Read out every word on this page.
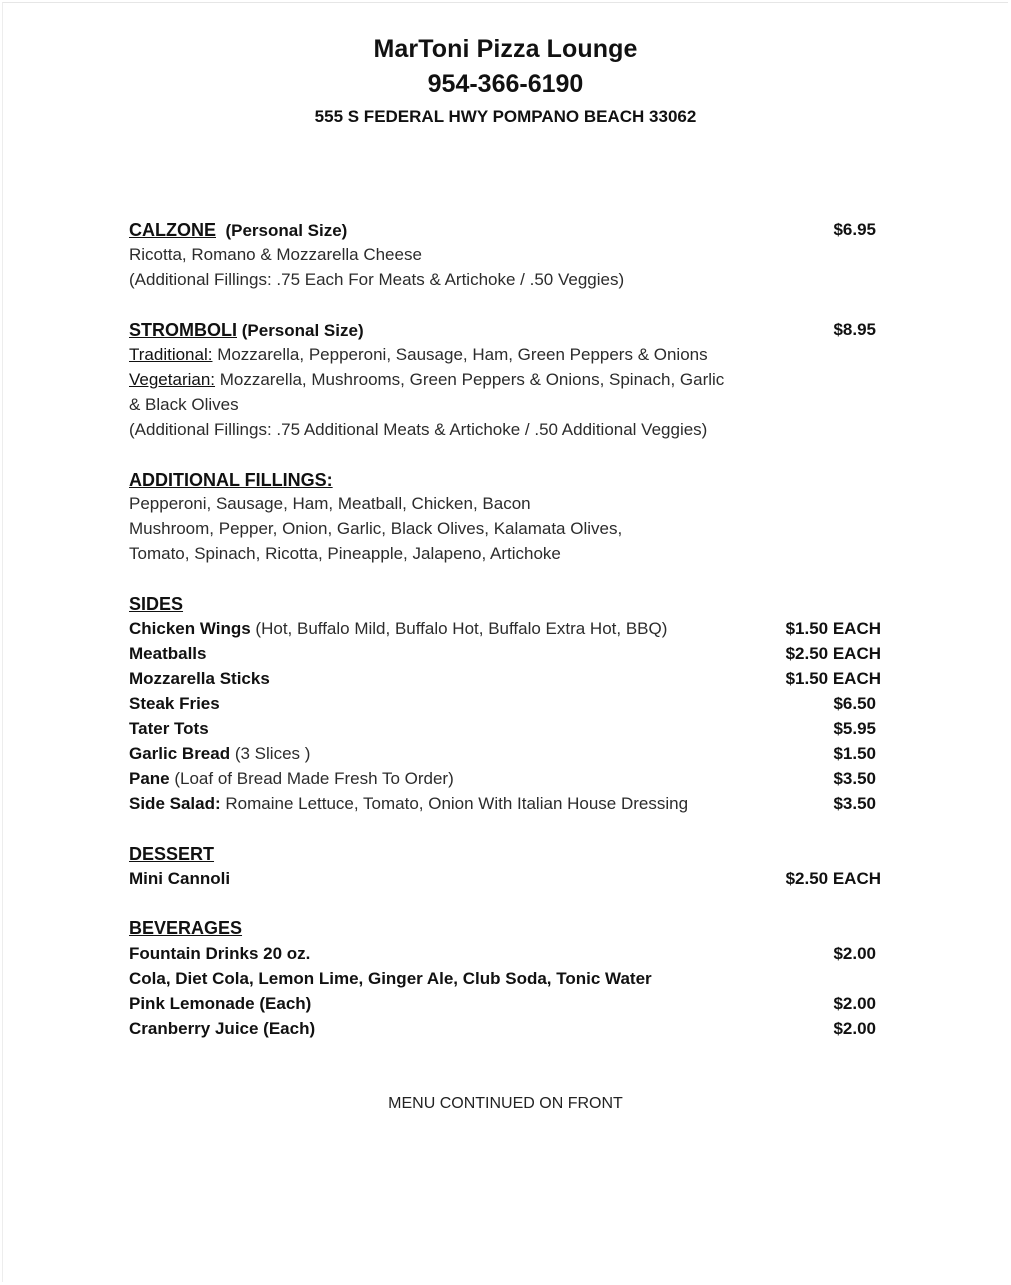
MarToni Pizza Lounge
954-366-6190
555 S FEDERAL HWY POMPANO BEACH 33062
CALZONE (Personal Size)	$6.95
Ricotta, Romano & Mozzarella Cheese
(Additional Fillings: .75 Each For Meats & Artichoke / .50 Veggies)
STROMBOLI (Personal Size)	$8.95
Traditional: Mozzarella, Pepperoni, Sausage, Ham, Green Peppers & Onions
Vegetarian: Mozzarella, Mushrooms, Green Peppers & Onions, Spinach, Garlic
& Black Olives
(Additional Fillings: .75 Additional Meats & Artichoke / .50 Additional Veggies)
ADDITIONAL FILLINGS:
Pepperoni, Sausage, Ham, Meatball, Chicken, Bacon
Mushroom, Pepper, Onion, Garlic, Black Olives, Kalamata Olives,
Tomato, Spinach, Ricotta, Pineapple, Jalapeno, Artichoke
SIDES
Chicken Wings (Hot, Buffalo Mild, Buffalo Hot, Buffalo Extra Hot, BBQ)	$1.50 EACH
Meatballs	$2.50 EACH
Mozzarella Sticks	$1.50 EACH
Steak Fries	$6.50
Tater Tots	$5.95
Garlic Bread (3 Slices )	$1.50
Pane (Loaf of Bread Made Fresh To Order)	$3.50
Side Salad: Romaine Lettuce, Tomato, Onion With Italian House Dressing	$3.50
DESSERT
Mini Cannoli	$2.50 EACH
BEVERAGES
Fountain Drinks 20 oz.	$2.00
Cola, Diet Cola, Lemon Lime, Ginger Ale, Club Soda, Tonic Water
Pink Lemonade (Each)	$2.00
Cranberry Juice (Each)	$2.00
MENU CONTINUED ON FRONT
